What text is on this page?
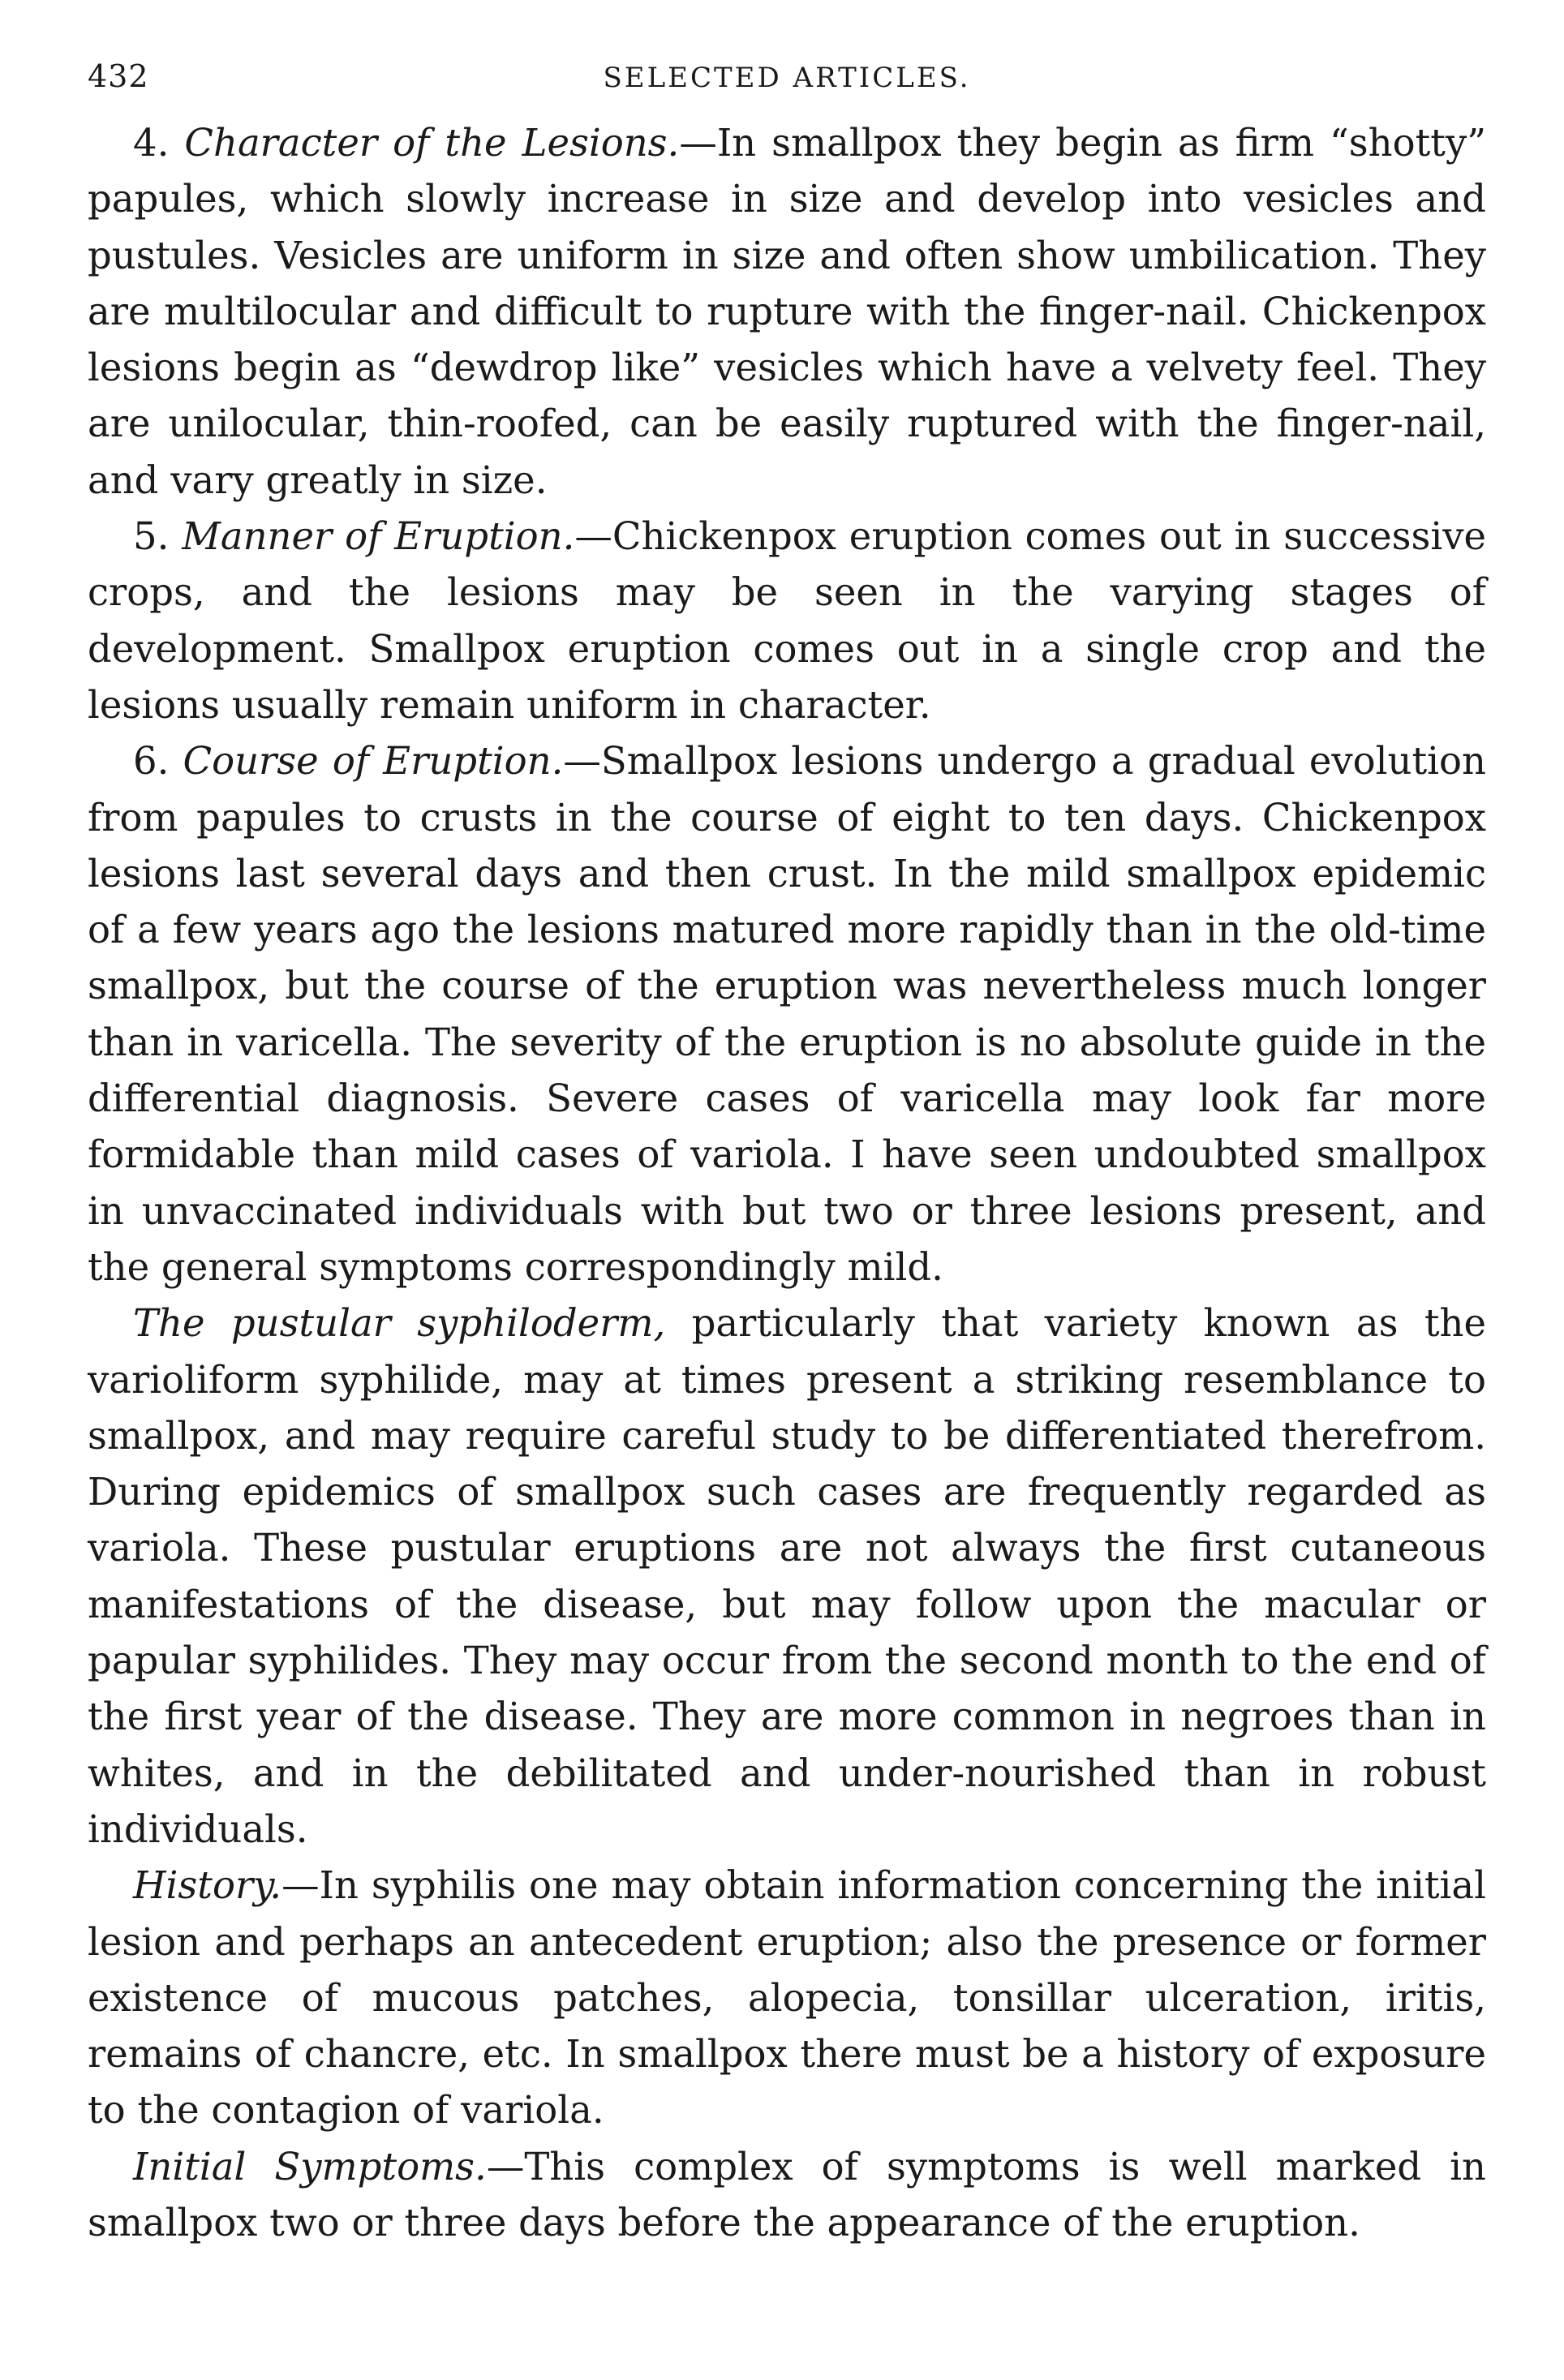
432	SELECTED ARTICLES.

4. Character of the Lesions.—In smallpox they begin as firm “shotty” papules, which slowly increase in size and develop into vesicles and pustules. Vesicles are uniform in size and often show umbilication. They are multilocular and difficult to rupture with the finger-nail. Chickenpox lesions begin as “dewdrop like” vesicles which have a velvety feel. They are unilocular, thin-roofed, can be easily ruptured with the finger-nail, and vary greatly in size.

5. Manner of Eruption.—Chickenpox eruption comes out in successive crops, and the lesions may be seen in the varying stages of development. Smallpox eruption comes out in a single crop and the lesions usually remain uniform in character.

6. Course of Eruption.—Smallpox lesions undergo a gradual evolution from papules to crusts in the course of eight to ten days. Chickenpox lesions last several days and then crust. In the mild smallpox epidemic of a few years ago the lesions matured more rapidly than in the old-time smallpox, but the course of the eruption was nevertheless much longer than in varicella. The severity of the eruption is no absolute guide in the differential diagnosis. Severe cases of varicella may look far more formidable than mild cases of variola. I have seen undoubted smallpox in unvaccinated individuals with but two or three lesions present, and the general symptoms correspondingly mild.

The pustular syphiloderm, particularly that variety known as the varioliform syphilide, may at times present a striking resemblance to smallpox, and may require careful study to be differentiated therefrom. During epidemics of smallpox such cases are frequently regarded as variola. These pustular eruptions are not always the first cutaneous manifestations of the disease, but may follow upon the macular or papular syphilides. They may occur from the second month to the end of the first year of the disease. They are more common in negroes than in whites, and in the debilitated and under-nourished than in robust individuals.

History.—In syphilis one may obtain information concerning the initial lesion and perhaps an antecedent eruption; also the presence or former existence of mucous patches, alopecia, tonsillar ulceration, iritis, remains of chancre, etc. In smallpox there must be a history of exposure to the contagion of variola.

Initial Symptoms.—This complex of symptoms is well marked in smallpox two or three days before the appearance of the eruption.
